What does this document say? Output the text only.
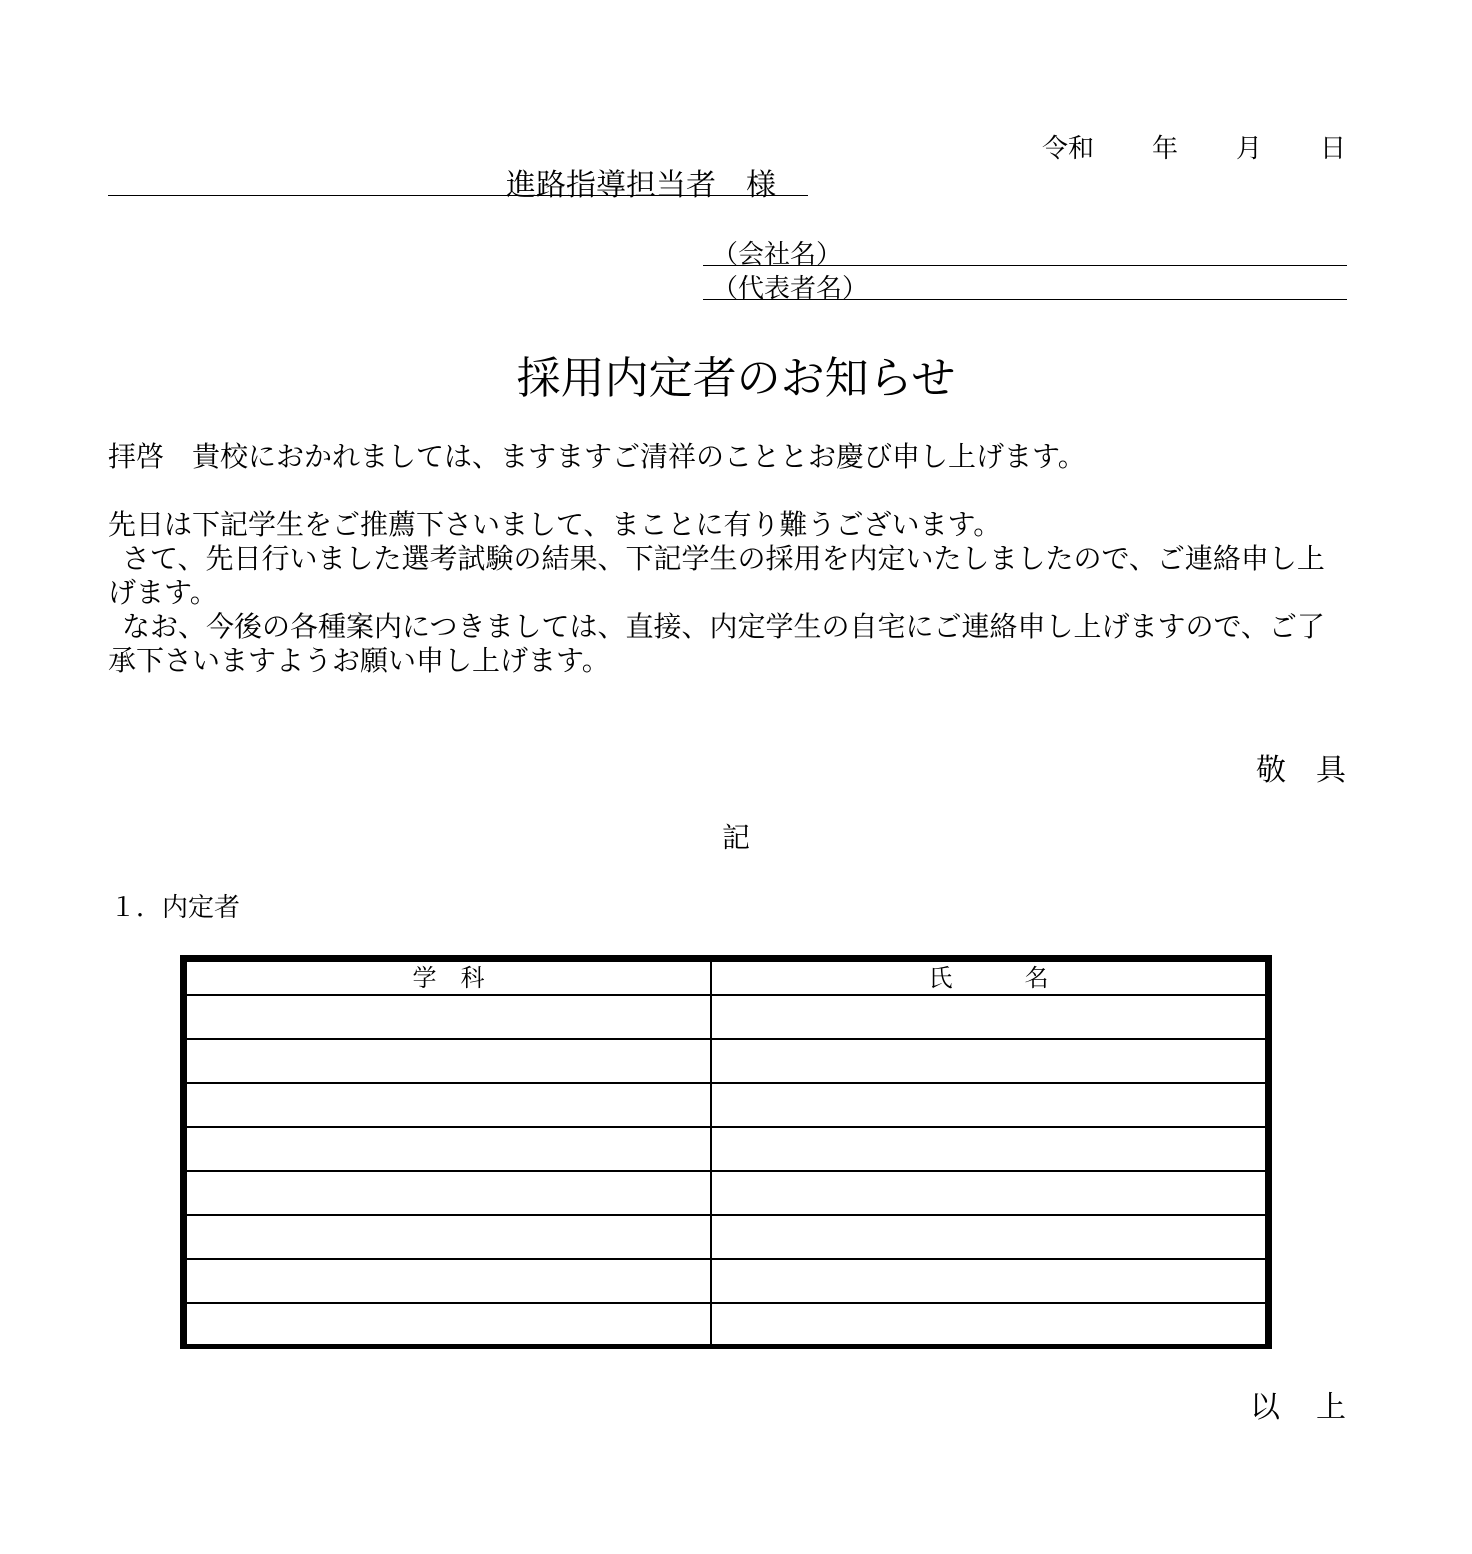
令和 年 月 日
進路指導担当者　様
（会社名）
（代表者名）
採用内定者のお知らせ
拝啓　貴校におかれましては、ますますご清祥のこととお慶び申し上げます。

先日は下記学生をご推薦下さいまして、まことに有り難うございます。

さて、先日行いました選考試験の結果、下記学生の採用を内定いたしましたので、ご連絡申し上げます。

なお、今後の各種案内につきましては、直接、内定学生の自宅にご連絡申し上げますので、ご了承下さいますようお願い申し上げます。

敬 具
記
１．内定者
学　科	氏　　　名

以 上
